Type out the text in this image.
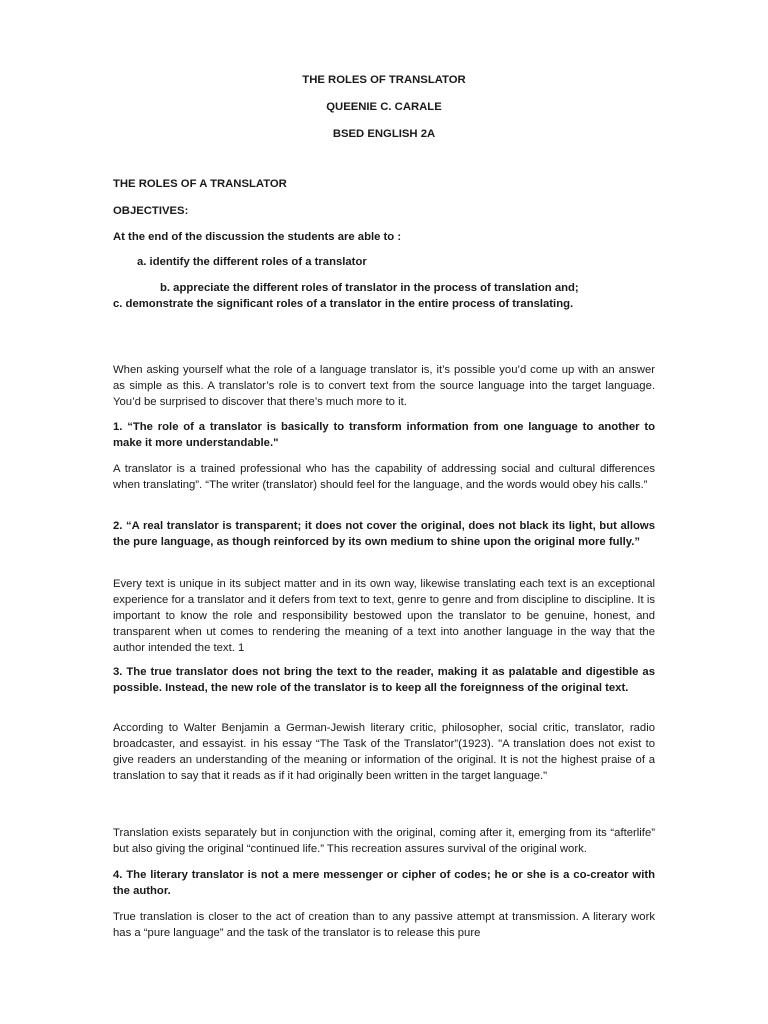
THE ROLES OF TRANSLATOR

QUEENIE C. CARALE

BSED ENGLISH 2A

THE ROLES OF A TRANSLATOR

OBJECTIVES:

At the end of the discussion the students are able to :

a. identify the different roles of a translator

b. appreciate the different roles of translator in the process of translation and;

c. demonstrate the significant roles of a translator in the entire process of translating.

When asking yourself what the role of a language translator is, it’s possible you’d come up with an answer as simple as this. A translator’s role is to convert text from the source language into the target language. You’d be surprised to discover that there’s much more to it.

1. “The role of a translator is basically to transform information from one language to another to make it more understandable."

A translator is a trained professional who has the capability of addressing social and cultural differences when translating”. “The writer (translator) should feel for the language, and the words would obey his calls.”

2. “A real translator is transparent; it does not cover the original, does not black its light, but allows the pure language, as though reinforced by its own medium to shine upon the original more fully.”

Every text is unique in its subject matter and in its own way, likewise translating each text is an exceptional experience for a translator and it defers from text to text, genre to genre and from discipline to discipline. It is important to know the role and responsibility bestowed upon the translator to be genuine, honest, and transparent when ut comes to rendering the meaning of a text into another language in the way that the author intended the text. 1

3. The true translator does not bring the text to the reader, making it as palatable and digestible as possible. Instead, the new role of the translator is to keep all the foreignness of the original text.

According to Walter Benjamin a German-Jewish literary critic, philosopher, social critic, translator, radio broadcaster, and essayist. in his essay “The Task of the Translator”(1923). "A translation does not exist to give readers an understanding of the meaning or information of the original. It is not the highest praise of a translation to say that it reads as if it had originally been written in the target language."

Translation exists separately but in conjunction with the original, coming after it, emerging from its “afterlife” but also giving the original “continued life.” This recreation assures survival of the original work.

4. The literary translator is not a mere messenger or cipher of codes; he or she is a co-creator with the author.

True translation is closer to the act of creation than to any passive attempt at transmission. A literary work has a “pure language” and the task of the translator is to release this pure
